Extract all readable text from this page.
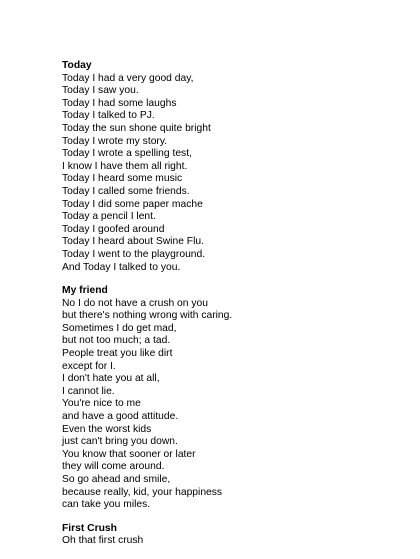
Today
Today I had a very good day,
Today I saw you.
Today I had some laughs
Today I talked to PJ.
Today the sun shone quite bright
Today I wrote my story.
Today I wrote a spelling test,
I know I have them all right.
Today I heard some music
Today I called some friends.
Today I did some paper mache
Today a pencil I lent.
Today I goofed around
Today I heard about Swine Flu.
Today I went to the playground.
And Today I talked to you.
My friend
No I do not have a crush on you
but there's nothing wrong with caring.
Sometimes I do get mad,
but not too much; a tad.
People treat you like dirt
except for I.
I don't hate you at all,
I cannot lie.
You're nice to me
and have a good attitude.
Even the worst kids
just can't bring you down.
You know that sooner or later
they will come around.
So go ahead and smile,
because really, kid, your happiness
can take you miles.
First Crush
Oh that first crush
